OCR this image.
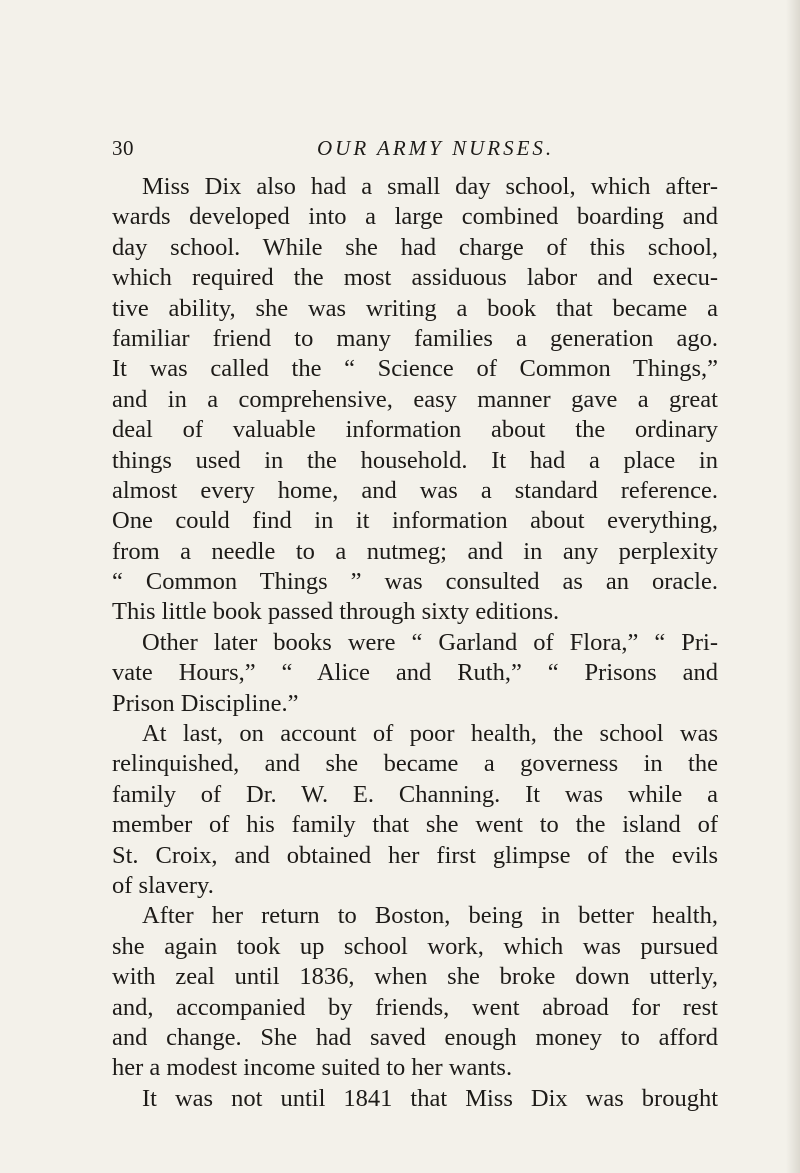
30	OUR ARMY NURSES.
Miss Dix also had a small day school, which after-
wards developed into a large combined boarding and
day school. While she had charge of this school,
which required the most assiduous labor and execu-
tive ability, she was writing a book that became a
familiar friend to many families a generation ago.
It was called the “ Science of Common Things,”
and in a comprehensive, easy manner gave a great
deal of valuable information about the ordinary
things used in the household. It had a place in
almost every home, and was a standard reference.
One could find in it information about everything,
from a needle to a nutmeg; and in any perplexity
“ Common Things ” was consulted as an oracle.
This little book passed through sixty editions.
Other later books were “ Garland of Flora,” “ Pri-
vate Hours,” “ Alice and Ruth,” “ Prisons and
Prison Discipline.”
At last, on account of poor health, the school was
relinquished, and she became a governess in the
family of Dr. W. E. Channing. It was while a
member of his family that she went to the island of
St. Croix, and obtained her first glimpse of the evils
of slavery.
After her return to Boston, being in better health,
she again took up school work, which was pursued
with zeal until 1836, when she broke down utterly,
and, accompanied by friends, went abroad for rest
and change. She had saved enough money to afford
her a modest income suited to her wants.
It was not until 1841 that Miss Dix was brought
